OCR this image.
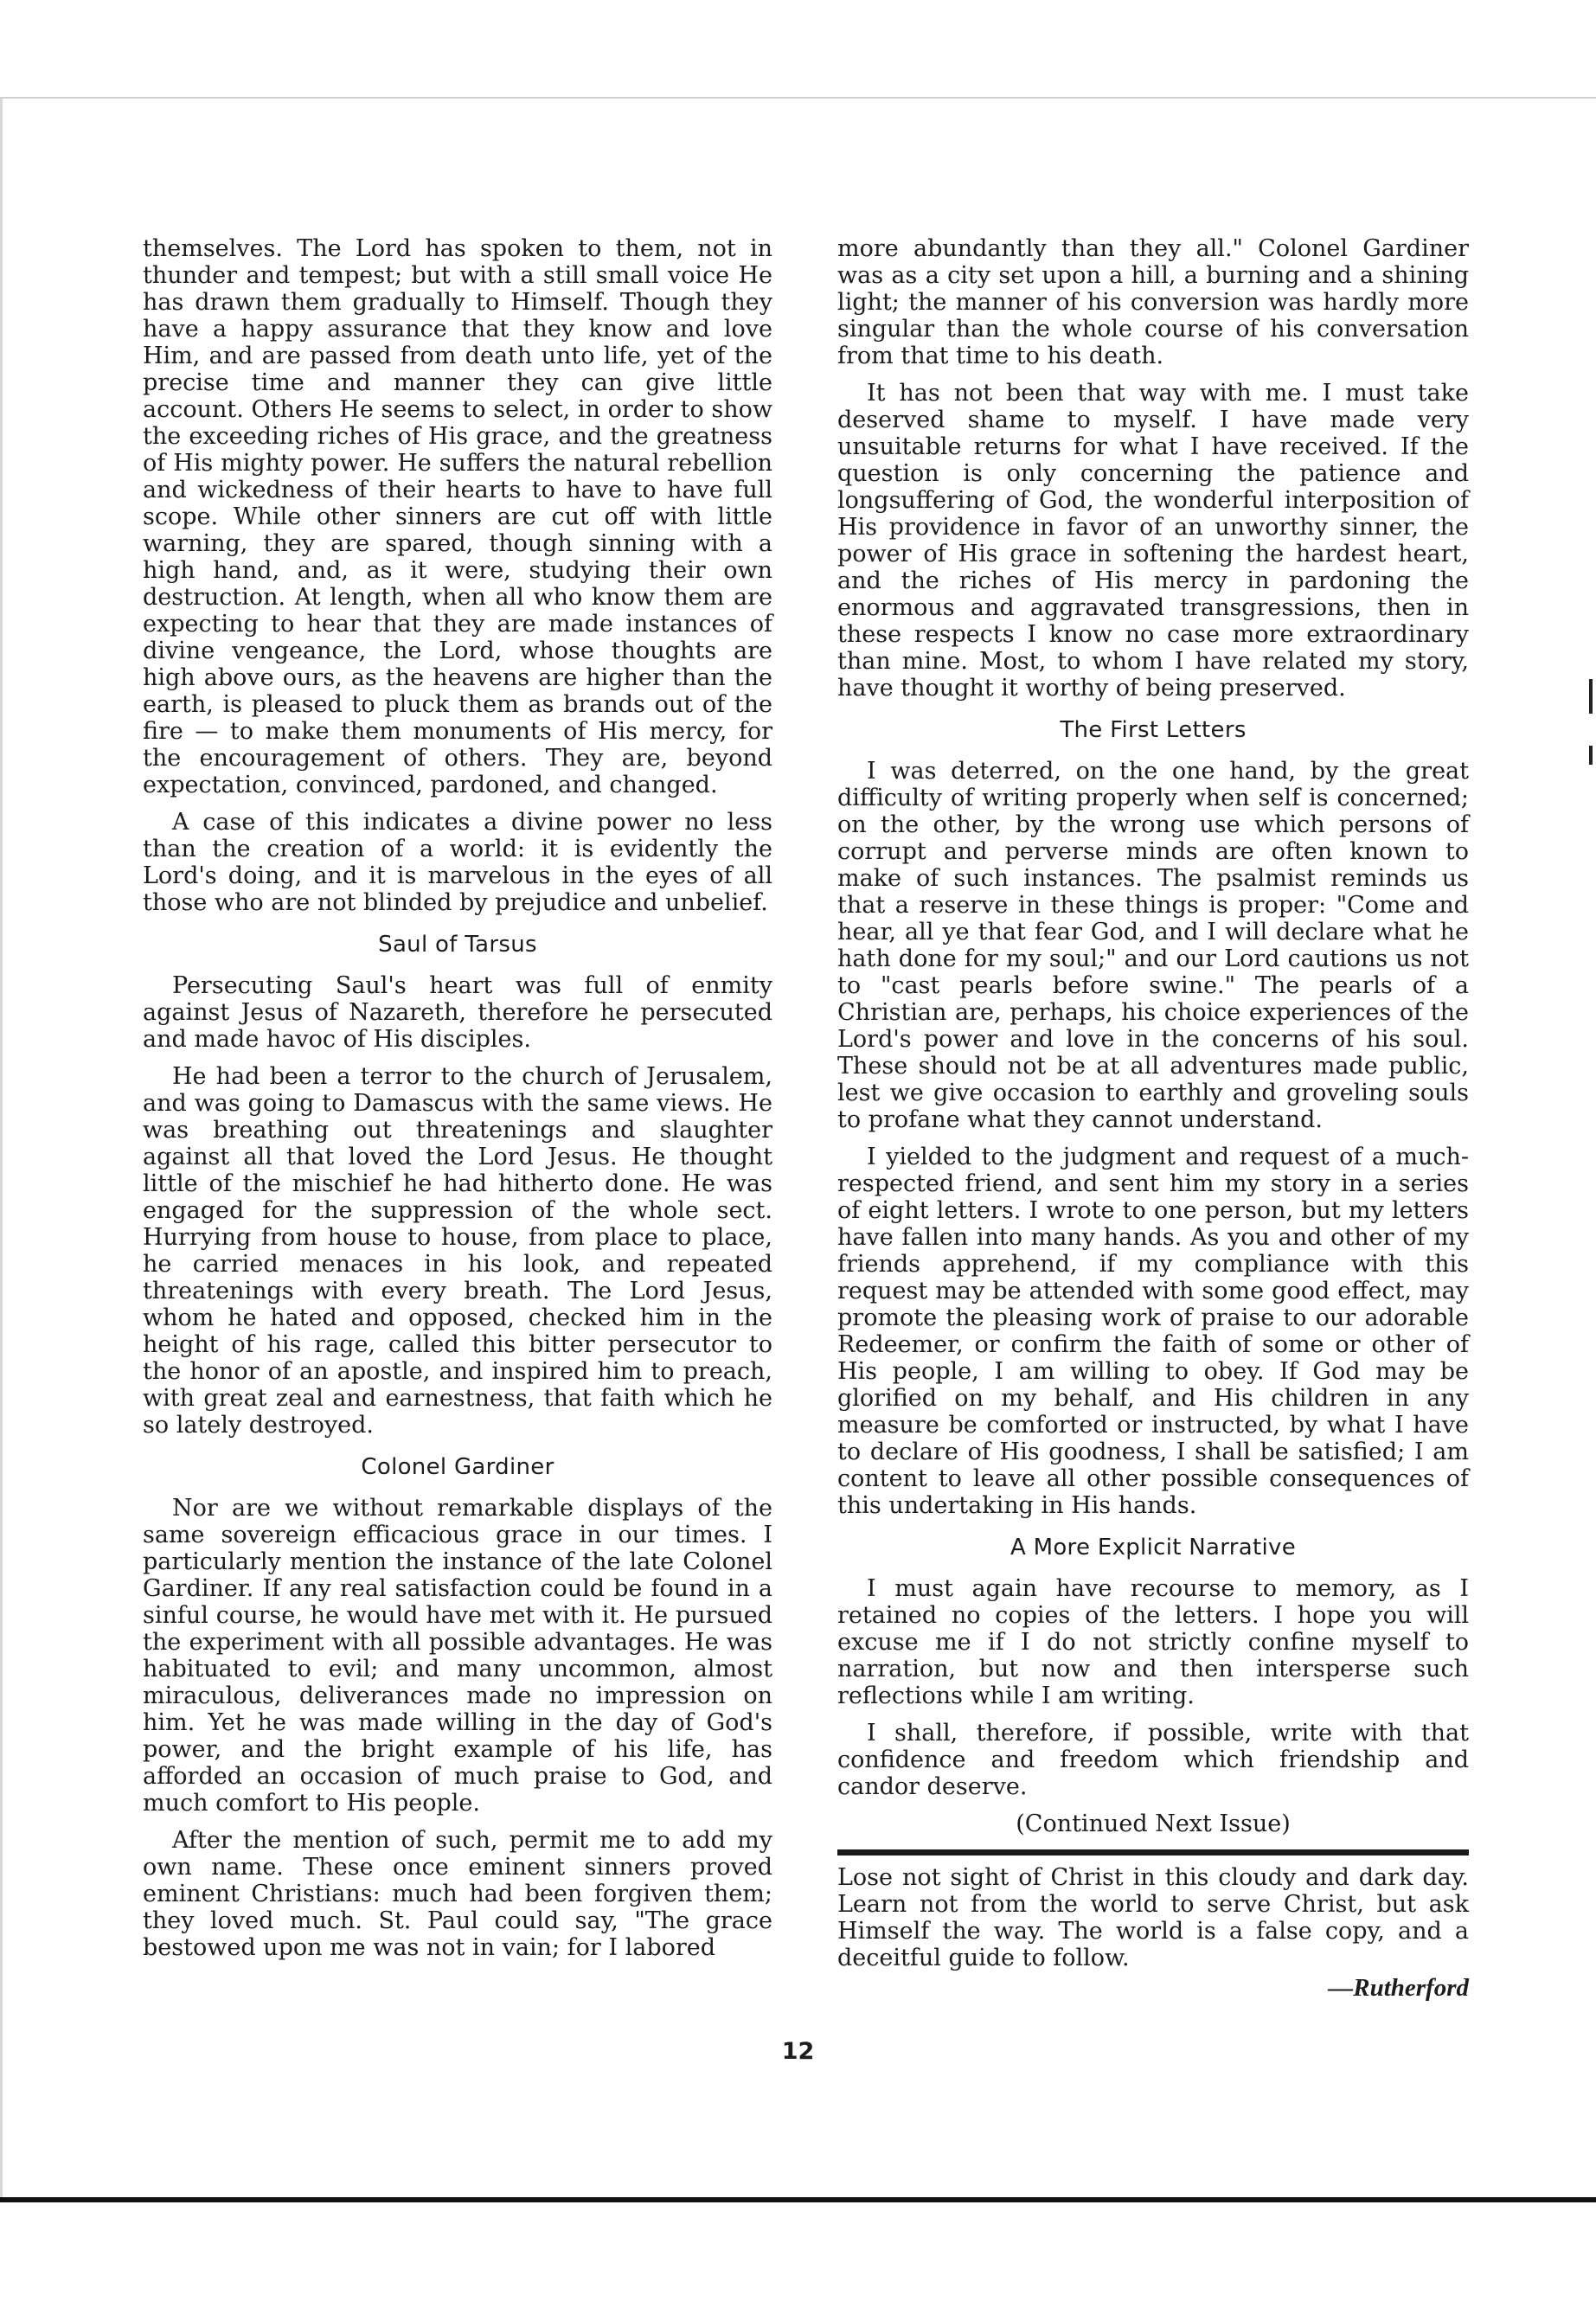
themselves. The Lord has spoken to them, not in thunder and tempest; but with a still small voice He has drawn them gradually to Himself. Though they have a happy assurance that they know and love Him, and are passed from death unto life, yet of the precise time and manner they can give little account. Others He seems to select, in order to show the exceeding riches of His grace, and the greatness of His mighty power. He suffers the natural rebellion and wickedness of their hearts to have to have full scope. While other sinners are cut off with little warning, they are spared, though sinning with a high hand, and, as it were, studying their own destruction. At length, when all who know them are expecting to hear that they are made instances of divine vengeance, the Lord, whose thoughts are high above ours, as the heavens are higher than the earth, is pleased to pluck them as brands out of the fire — to make them monuments of His mercy, for the encouragement of others. They are, beyond expectation, convinced, pardoned, and changed.

A case of this indicates a divine power no less than the creation of a world: it is evidently the Lord's doing, and it is marvelous in the eyes of all those who are not blinded by prejudice and unbelief.

Saul of Tarsus

Persecuting Saul's heart was full of enmity against Jesus of Nazareth, therefore he persecuted and made havoc of His disciples.

He had been a terror to the church of Jerusalem, and was going to Damascus with the same views. He was breathing out threatenings and slaughter against all that loved the Lord Jesus. He thought little of the mischief he had hitherto done. He was engaged for the suppression of the whole sect. Hurrying from house to house, from place to place, he carried menaces in his look, and repeated threatenings with every breath. The Lord Jesus, whom he hated and opposed, checked him in the height of his rage, called this bitter persecutor to the honor of an apostle, and inspired him to preach, with great zeal and earnestness, that faith which he so lately destroyed.

Colonel Gardiner

Nor are we without remarkable displays of the same sovereign efficacious grace in our times. I particularly mention the instance of the late Colonel Gardiner. If any real satisfaction could be found in a sinful course, he would have met with it. He pursued the experiment with all possible advantages. He was habituated to evil; and many uncommon, almost miraculous, deliverances made no impression on him. Yet he was made willing in the day of God's power, and the bright example of his life, has afforded an occasion of much praise to God, and much comfort to His people.

After the mention of such, permit me to add my own name. These once eminent sinners proved eminent Christians: much had been forgiven them; they loved much. St. Paul could say, "The grace bestowed upon me was not in vain; for I labored

more abundantly than they all." Colonel Gardiner was as a city set upon a hill, a burning and a shining light; the manner of his conversion was hardly more singular than the whole course of his conversation from that time to his death.

It has not been that way with me. I must take deserved shame to myself. I have made very unsuitable returns for what I have received. If the question is only concerning the patience and longsuffering of God, the wonderful interposition of His providence in favor of an unworthy sinner, the power of His grace in softening the hardest heart, and the riches of His mercy in pardoning the enormous and aggravated transgressions, then in these respects I know no case more extraordinary than mine. Most, to whom I have related my story, have thought it worthy of being preserved.

The First Letters

I was deterred, on the one hand, by the great difficulty of writing properly when self is concerned; on the other, by the wrong use which persons of corrupt and perverse minds are often known to make of such instances. The psalmist reminds us that a reserve in these things is proper: "Come and hear, all ye that fear God, and I will declare what he hath done for my soul;" and our Lord cautions us not to "cast pearls before swine." The pearls of a Christian are, perhaps, his choice experiences of the Lord's power and love in the concerns of his soul. These should not be at all adventures made public, lest we give occasion to earthly and groveling souls to profane what they cannot understand.

I yielded to the judgment and request of a much-respected friend, and sent him my story in a series of eight letters. I wrote to one person, but my letters have fallen into many hands. As you and other of my friends apprehend, if my compliance with this request may be attended with some good effect, may promote the pleasing work of praise to our adorable Redeemer, or confirm the faith of some or other of His people, I am willing to obey. If God may be glorified on my behalf, and His children in any measure be comforted or instructed, by what I have to declare of His goodness, I shall be satisfied; I am content to leave all other possible consequences of this undertaking in His hands.

A More Explicit Narrative

I must again have recourse to memory, as I retained no copies of the letters. I hope you will excuse me if I do not strictly confine myself to narration, but now and then intersperse such reflections while I am writing.

I shall, therefore, if possible, write with that confidence and freedom which friendship and candor deserve.

(Continued Next Issue)

Lose not sight of Christ in this cloudy and dark day. Learn not from the world to serve Christ, but ask Himself the way. The world is a false copy, and a deceitful guide to follow.

—Rutherford
12
